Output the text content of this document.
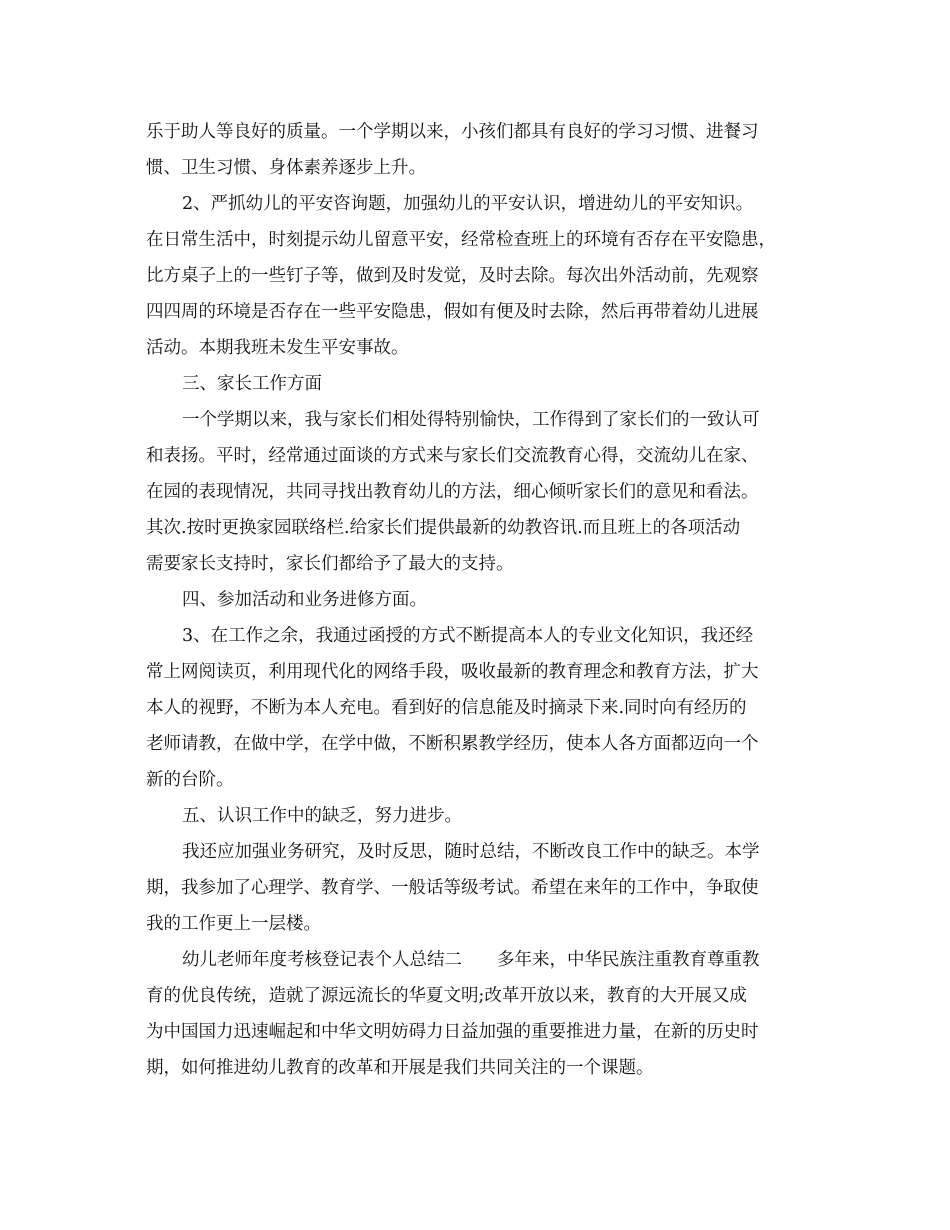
乐于助人等良好的质量。一个学期以来，小孩们都具有良好的学习习惯、进餐习
惯、卫生习惯、身体素养逐步上升。
2、严抓幼儿的平安咨询题，加强幼儿的平安认识，增进幼儿的平安知识。
在日常生活中，时刻提示幼儿留意平安，经常检查班上的环境有否存在平安隐患，
比方桌子上的一些钉子等，做到及时发觉，及时去除。每次出外活动前，先观察
四四周的环境是否存在一些平安隐患，假如有便及时去除，然后再带着幼儿进展
活动。本期我班未发生平安事故。
三、家长工作方面
一个学期以来，我与家长们相处得特别愉快，工作得到了家长们的一致认可
和表扬。平时，经常通过面谈的方式来与家长们交流教育心得，交流幼儿在家、
在园的表现情况，共同寻找出教育幼儿的方法，细心倾听家长们的意见和看法。
其次.按时更换家园联络栏.给家长们提供最新的幼教咨讯.而且班上的各项活动
需要家长支持时，家长们都给予了最大的支持。
四、参加活动和业务进修方面。
3、在工作之余，我通过函授的方式不断提高本人的专业文化知识，我还经
常上网阅读页，利用现代化的网络手段，吸收最新的教育理念和教育方法，扩大
本人的视野，不断为本人充电。看到好的信息能及时摘录下来.同时向有经历的
老师请教，在做中学，在学中做，不断积累教学经历，使本人各方面都迈向一个
新的台阶。
五、认识工作中的缺乏，努力进步。
我还应加强业务研究，及时反思，随时总结，不断改良工作中的缺乏。本学
期，我参加了心理学、教育学、一般话等级考试。希望在来年的工作中，争取使
我的工作更上一层楼。
幼儿老师年度考核登记表个人总结二　　多年来，中华民族注重教育尊重教
育的优良传统，造就了源远流长的华夏文明;改革开放以来，教育的大开展又成
为中国国力迅速崛起和中华文明妨碍力日益加强的重要推进力量，在新的历史时
期，如何推进幼儿教育的改革和开展是我们共同关注的一个课题。
